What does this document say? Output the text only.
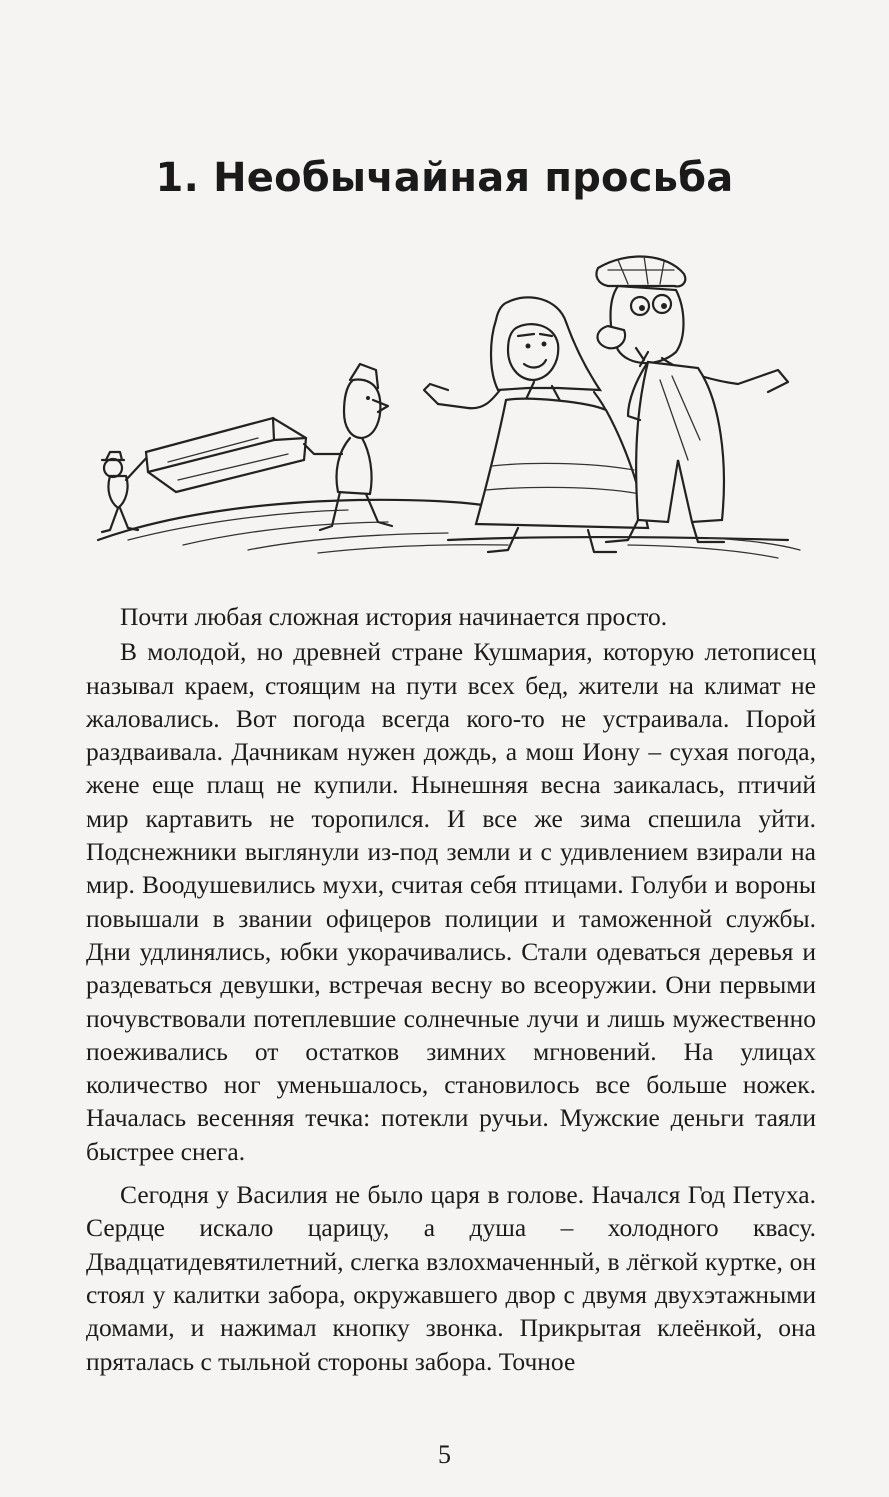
1. Необычайная просьба

Почти любая сложная история начинается просто.

В молодой, но древней стране Кушмария, которую летописец называл краем, стоящим на пути всех бед, жители на климат не жаловались. Вот погода всегда кого-то не устраивала. Порой раздваивала. Дачникам нужен дождь, а мош Иону – сухая погода, жене еще плащ не купили. Нынешняя весна заикалась, птичий мир картавить не торопился. И все же зима спешила уйти. Подснежники выглянули из-под земли и с удивлением взирали на мир. Воодушевились мухи, считая себя птицами. Голуби и вороны повышали в звании офицеров полиции и таможенной службы. Дни удлинялись, юбки укорачивались. Стали одеваться деревья и раздеваться девушки, встречая весну во всеоружии. Они первыми почувствовали потеплевшие солнечные лучи и лишь мужественно поеживались от остатков зимних мгновений. На улицах количество ног уменьшалось, становилось все больше ножек. Началась весенняя течка: потекли ручьи. Мужские деньги таяли быстрее снега.

Сегодня у Василия не было царя в голове. Начался Год Петуха. Сердце искало царицу, а душа – холодного квасу. Двадцатидевятилетний, слегка взлохмаченный, в лёгкой куртке, он стоял у калитки забора, окружавшего двор с двумя двухэтажными домами, и нажимал кнопку звонка. Прикрытая клеёнкой, она пряталась с тыльной стороны забора. Точное

5
